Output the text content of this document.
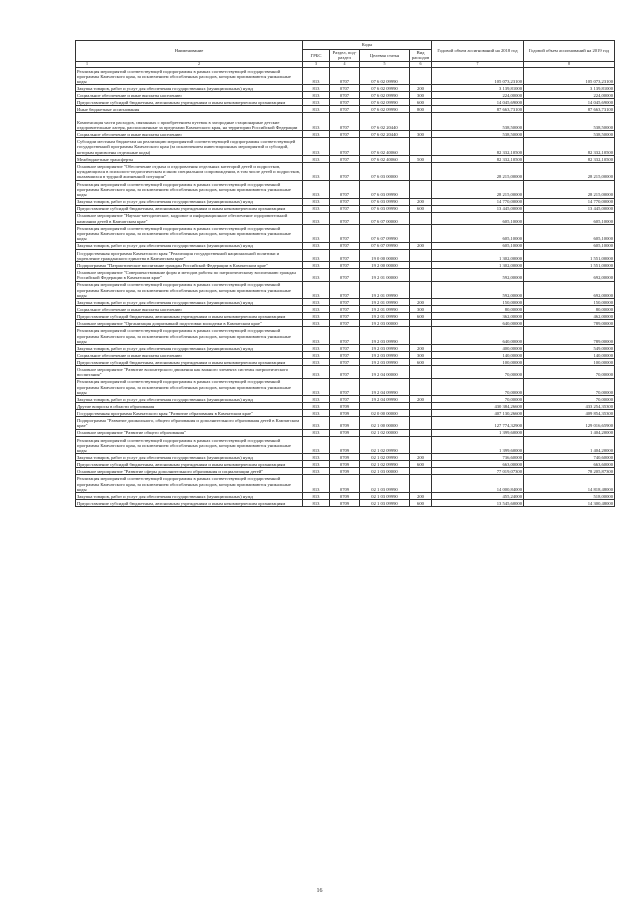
Наименование	Коды				Годовой объем ассигнований на 2018 год	Годовой объем ассигнований на 2019 год
	ГРБС	Раздел, под-раздел	Целевая статья	Вид расходов		

1 2	3	4	5	6	7	8
Реализация мероприятий соответствующей подпрограммы в рамках соответствующей государственной программы Камчатского края, за исключением обособленных расходов, которым присваиваются уникальные коды	813	0707	07 6 02 09990		105 073,23100	105 073,23100
Закупка товаров, работ и услуг для обеспечения государственных (муниципальных) нужд	813	0707	07 6 02 09990	200	3 139,81000	3 139,81000
Социальное обеспечение и иные выплаты населению	813	0707	07 6 02 09990	300	224,00000	224,00000
Предоставление субсидий бюджетным, автономным учреждениям и иным некоммерческим организациям	813	0707	07 6 02 09990	600	14 045,69000	14 045,69000
Иные бюджетные ассигнования	813	0707	07 6 02 09990	800	87 663,73100	87 663,73100
Компенсация части расходов, связанных с приобретением путевок в загородные стационарные детские оздоровительные лагеря, расположенные за пределами Камчатского края, на территории Российской Федерации	813	0707	07 6 02 20440		538,50000	538,50000
Социальное обеспечение и иные выплаты населению	813	0707	07 6 02 20440	300	538,50000	538,50000
Субсидии местным бюджетам на реализацию мероприятий соответствующей подпрограммы соответствующей государственной программы Камчатского края (за исключением инвестиционных мероприятий и субсидий, которым присвоены отдельные коды)	813	0707	07 6 02 40060		82 332,10500	82 332,10500
Межбюджетные трансферты	813	0707	07 6 02 40060	500	82 332,10500	82 332,10500
Основное мероприятие "Обеспечение отдыха и оздоровления отдельных категорий детей и подростков, нуждающихся в психолого-педагогическом и ином специальном сопровождении, в том числе детей и подростков, оказавшихся в трудной жизненной ситуации"	813	0707	07 6 03 00000		28 215,00000	28 215,00000
Реализация мероприятий соответствующей подпрограммы в рамках соответствующей государственной программы Камчатского края, за исключением обособленных расходов, которым присваиваются уникальные коды	813	0707	07 6 03 09990		28 215,00000	28 215,00000
Закупка товаров, работ и услуг для обеспечения государственных (муниципальных) нужд	813	0707	07 6 03 09990	200	14 770,00000	14 770,00000
Предоставление субсидий бюджетным, автономным учреждениям и иным некоммерческим организациям	813	0707	07 6 03 09990	600	13 445,00000	13 445,00000
Основное мероприятие "Научно-методическое, кадровое и информационное обеспечение оздоровительной кампании детей в Камчатском крае"	813	0707	07 6 07 00000		605,10000	605,10000
Реализация мероприятий соответствующей подпрограммы в рамках соответствующей государственной программы Камчатского края, за исключением обособленных расходов, которым присваиваются уникальные коды	813	0707	07 6 07 09990		605,10000	605,10000
Закупка товаров, работ и услуг для обеспечения государственных (муниципальных) нужд	813	0707	07 6 07 09990	200	605,10000	605,10000
Государственная программа Камчатского края "Реализация государственной национальной политики и укрепление гражданского единства в Камчатском крае"	813	0707	19 0 00 00000		1 302,00000	1 551,00000
Подпрограмма "Патриотическое воспитание граждан Российской Федерации в Камчатском крае"	813	0707	19 2 00 00000		1 302,00000	1 551,00000
Основное мероприятие "Совершенствование форм и методов работы по патриотическому воспитанию граждан Российской Федерации в Камчатском крае"	813	0707	19 2 01 00000		592,00000	692,00000
Реализация мероприятий соответствующей подпрограммы в рамках соответствующей государственной программы Камчатского края, за исключением обособленных расходов, которым присваиваются уникальные коды	813	0707	19 2 01 09990		592,00000	692,00000
Закупка товаров, работ и услуг для обеспечения государственных (муниципальных) нужд	813	0707	19 2 01 09990	200	150,00000	150,00000
Социальное обеспечение и иные выплаты населению	813	0707	19 2 01 09990	300	80,00000	80,00000
Предоставление субсидий бюджетным, автономным учреждениям и иным некоммерческим организациям	813	0707	19 2 01 09990	600	362,00000	462,00000
Основное мероприятие "Организация допризывной подготовки молодежи в Камчатском крае"	813	0707	19 2 03 00000		640,00000	789,00000
Реализация мероприятий соответствующей подпрограммы в рамках соответствующей государственной программы Камчатского края, за исключением обособленных расходов, которым присваиваются уникальные коды	813	0707	19 2 03 09990		640,00000	789,00000
Закупка товаров, работ и услуг для обеспечения государственных (муниципальных) нужд	813	0707	19 2 03 09990	200	400,00000	549,00000
Социальное обеспечение и иные выплаты населению	813	0707	19 2 03 09990	300	140,00000	140,00000
Предоставление субсидий бюджетным, автономным учреждениям и иным некоммерческим организациям	813	0707	19 2 03 09990	600	100,00000	100,00000
Основное мероприятие "Развитие волонтерского движения как важного элемента системы патриотического воспитания"	813	0707	19 2 04 00000		70,00000	70,00000
Реализация мероприятий соответствующей подпрограммы в рамках соответствующей государственной программы Камчатского края, за исключением обособленных расходов, которым присваиваются уникальные коды	813	0707	19 2 04 09990		70,00000	70,00000
Закупка товаров, работ и услуг для обеспечения государственных (муниципальных) нужд	813	0707	19 2 04 09990	200	70,00000	70,00000
Другие вопросы в области образования	813	0709			430 384,26600	433 254,35300
Государственная программа Камчатского края "Развитие образования в Камчатском крае"	813	0709	02 0 00 00000		407 130,26600	409 854,35300
Подпрограмма "Развитие дошкольного, общего образования и дополнительного образования детей в Камчатском крае"	813	0709	02 1 00 00000		127 774,32900	129 016,65900
Основное мероприятие "Развитие общего образования"	813	0709	02 1 02 00000		1 399,60000	1 404,20000
Реализация мероприятий соответствующей подпрограммы в рамках соответствующей государственной программы Камчатского края, за исключением обособленных расходов, которым присваиваются уникальные коды	813	0709	02 1 02 09990		1 399,60000	1 404,20000
Закупка товаров, работ и услуг для обеспечения государственных (муниципальных) нужд	813	0709	02 1 02 09990	200	736,60000	740,60000
Предоставление субсидий бюджетным, автономным учреждениям и иным некоммерческим организациям	813	0709	02 1 02 09990	600	663,00000	663,60000
Основное мероприятие "Развитие сферы дополнительного образования и социализации детей"	813	0709	02 1 03 00000		77 019,07300	78 205,87300
Реализация мероприятий соответствующей подпрограммы в рамках соответствующей государственной программы Камчатского края, за исключением обособленных расходов, которым присваиваются уникальные коды	813	0709	02 1 03 09990		14 000,84000	14 818,48000
Закупка товаров, работ и услуг для обеспечения государственных (муниципальных) нужд	813	0709	02 1 03 09990	200	455,24000	518,00000
Предоставление субсидий бюджетным, автономным учреждениям и иным некоммерческим организациям	813	0709	02 1 03 09990	600	13 545,60000	14 300,48000
16
